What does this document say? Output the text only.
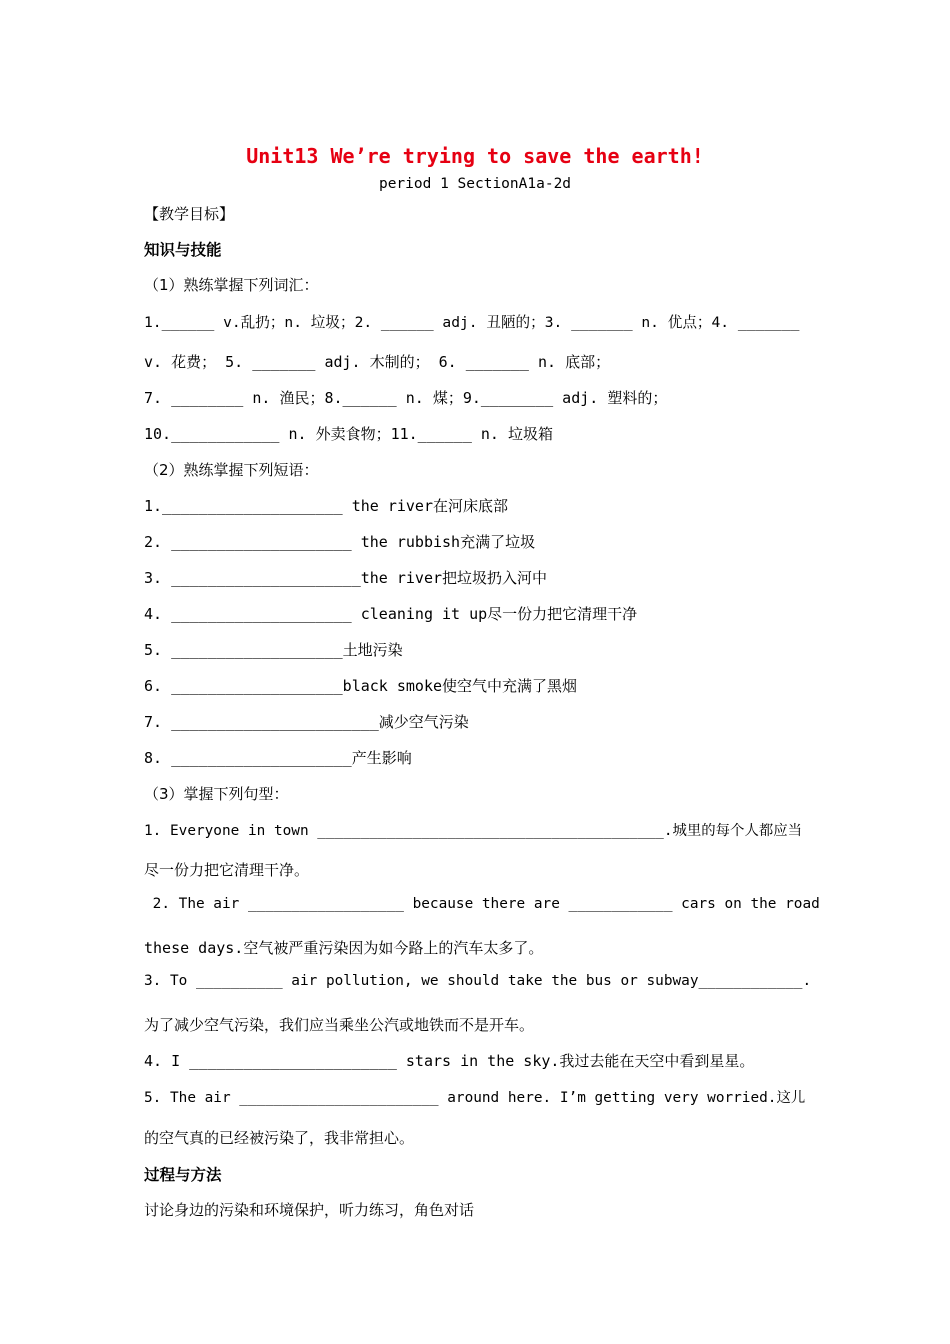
Unit13 We’re trying to save the earth!
period 1 SectionA1a-2d
【教学目标】
知识与技能
（1）熟练掌握下列词汇：
1.______ v.乱扔；n. 垃圾；2. ______ adj. 丑陋的；3. _______ n. 优点；4. _______
v. 花费； 5. _______ adj. 木制的； 6. _______ n. 底部；
7. ________ n. 渔民；8.______ n. 煤；9.________ adj. 塑料的；
10.____________ n. 外卖食物；11.______ n. 垃圾箱
（2）熟练掌握下列短语：
1.____________________ the river在河床底部
2. ____________________ the rubbish充满了垃圾
3. _____________________the river把垃圾扔入河中
4. ____________________ cleaning it up尽一份力把它清理干净
5. ___________________土地污染
6. ___________________black smoke使空气中充满了黑烟
7. _______________________减少空气污染
8. ____________________产生影响
（3）掌握下列句型：
1. Everyone in town ________________________________________.城里的每个人都应当
尽一份力把它清理干净。
2. The air __________________ because there are ____________ cars on the road
these days.空气被严重污染因为如今路上的汽车太多了。
3. To __________ air pollution, we should take the bus or subway____________.
为了减少空气污染，我们应当乘坐公汽或地铁而不是开车。
4. I _______________________ stars in the sky.我过去能在天空中看到星星。
5. The air _______________________ around here. I’m getting very worried.这儿
的空气真的已经被污染了，我非常担心。
过程与方法
讨论身边的污染和环境保护，听力练习，角色对话
